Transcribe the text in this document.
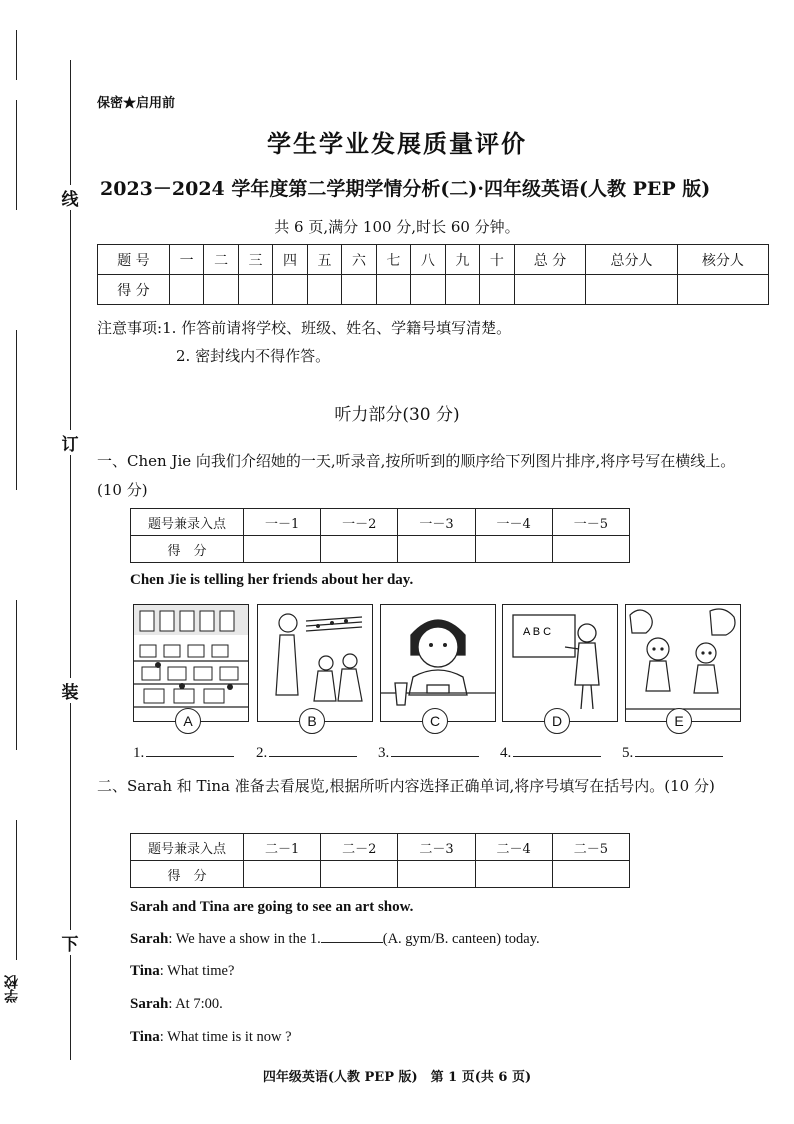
学校
线
订
装
下
保密★启用前
学生学业发展质量评价
2023－2024 学年度第二学期学情分析(二)·四年级英语(人教 PEP 版)
共 6 页,满分 100 分,时长 60 分钟。
题 号	一	二	三	四	五	六	七	八	九	十	总 分	总分人	核分人
得 分													
注意事项:1. 作答前请将学校、班级、姓名、学籍号填写清楚。
2. 密封线内不得作答。
听力部分(30 分)
一、Chen Jie 向我们介绍她的一天,听录音,按所听到的顺序给下列图片排序,将序号写在横线上。(10 分)
题号兼录入点	一－1	一－2	一－3	一－4	一－5
得　分					
Chen Jie is telling her friends about her day.
A B C
A	B	C	D	E
1.	2.	3.	4.	5.
二、Sarah 和 Tina 准备去看展览,根据所听内容选择正确单词,将序号填写在括号内。(10 分)
题号兼录入点	二－1	二－2	二－3	二－4	二－5
得　分					
Sarah and Tina are going to see an art show.
Sarah: We have a show in the 1.	(A. gym/B. canteen) today.
Tina: What time?
Sarah: At 7:00.
Tina: What time is it now ?
四年级英语(人教 PEP 版)　第 1 页(共 6 页)
